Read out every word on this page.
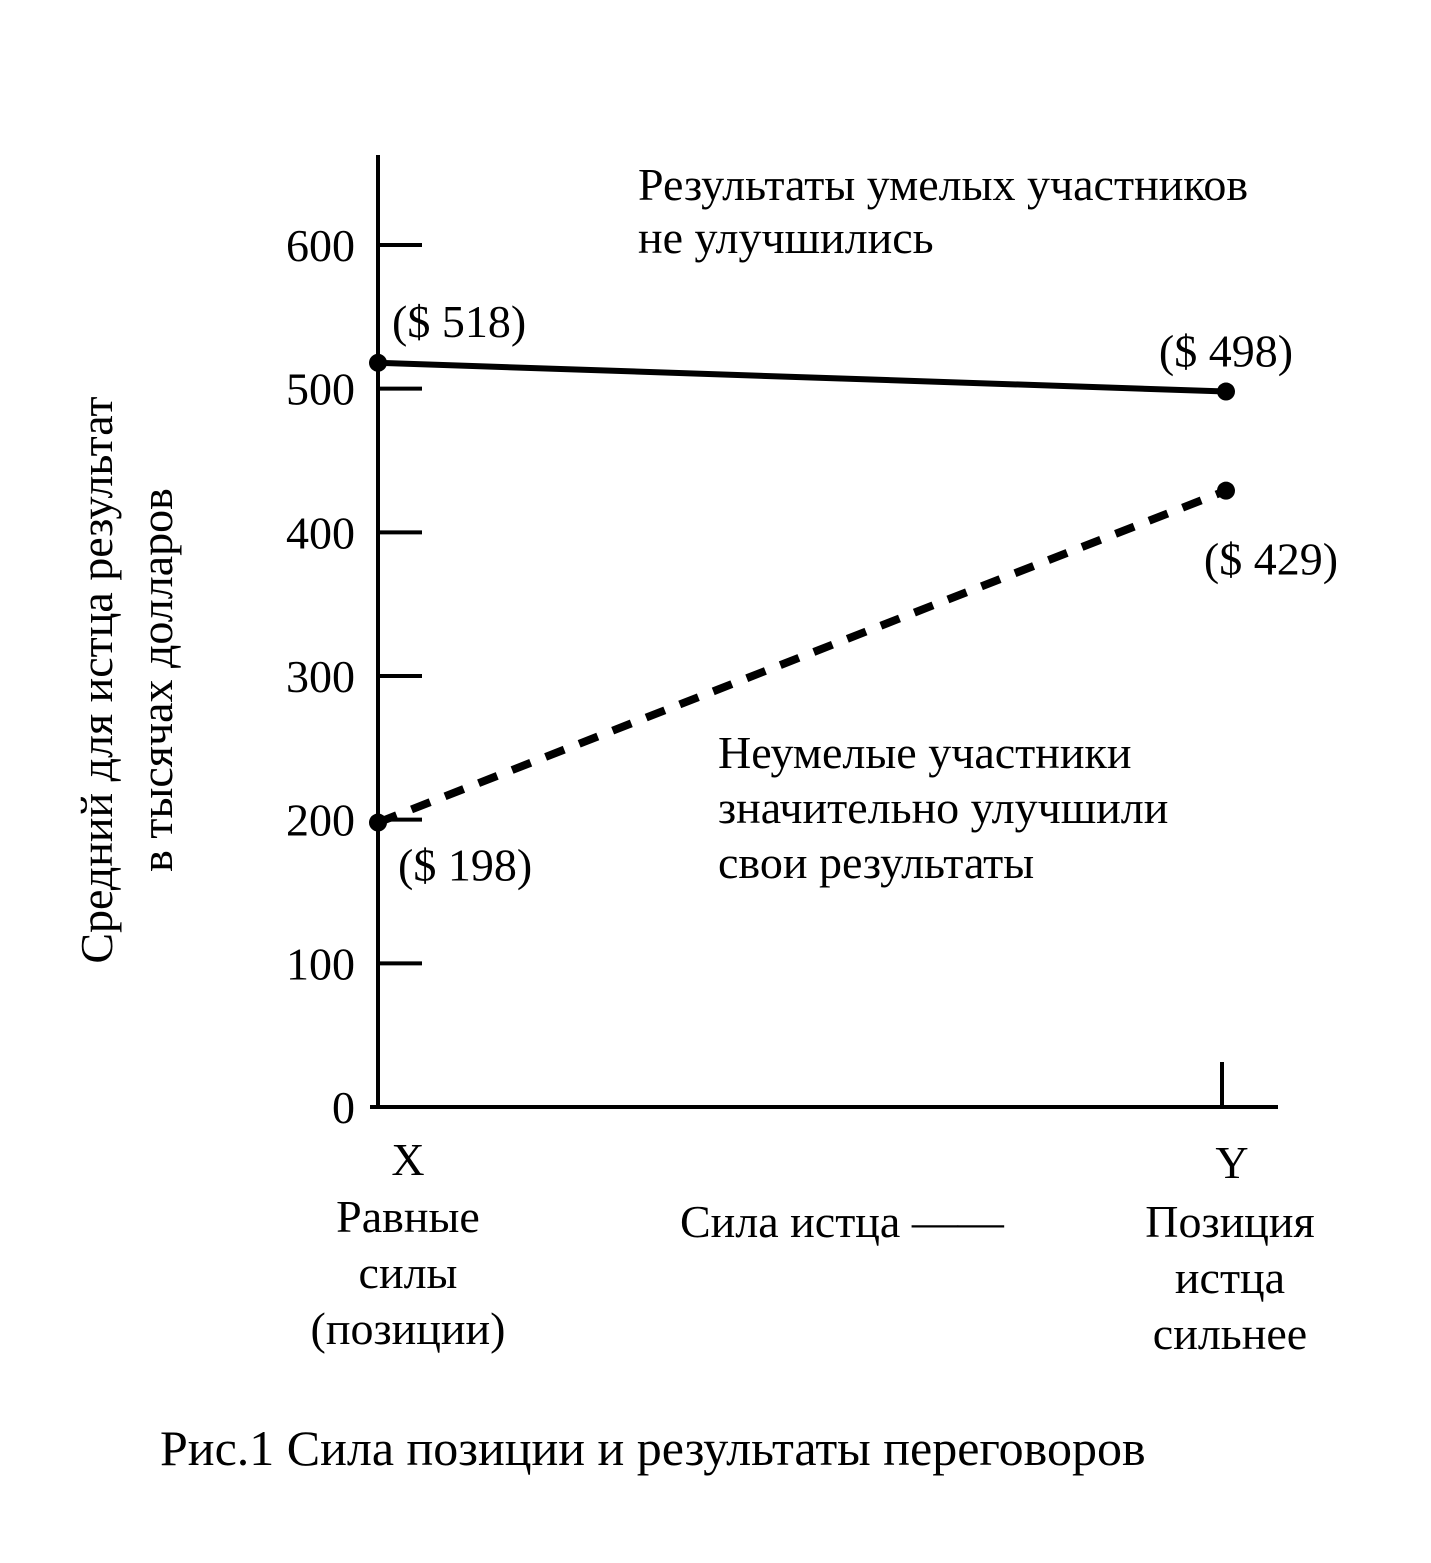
Средний для истца результат в тысячах долларов
0
100
200
300
400
500
600
($ 518)
($ 498)
($ 198)
($ 429)
Результаты умелых участников
не улучшились
Неумелые участники
значительно улучшили
свои результаты
X	Y
Равные
силы
(позиции)
Позиция
истца
сильнее
Сила истца ——
Рис.1 Сила позиции и результаты переговоров
